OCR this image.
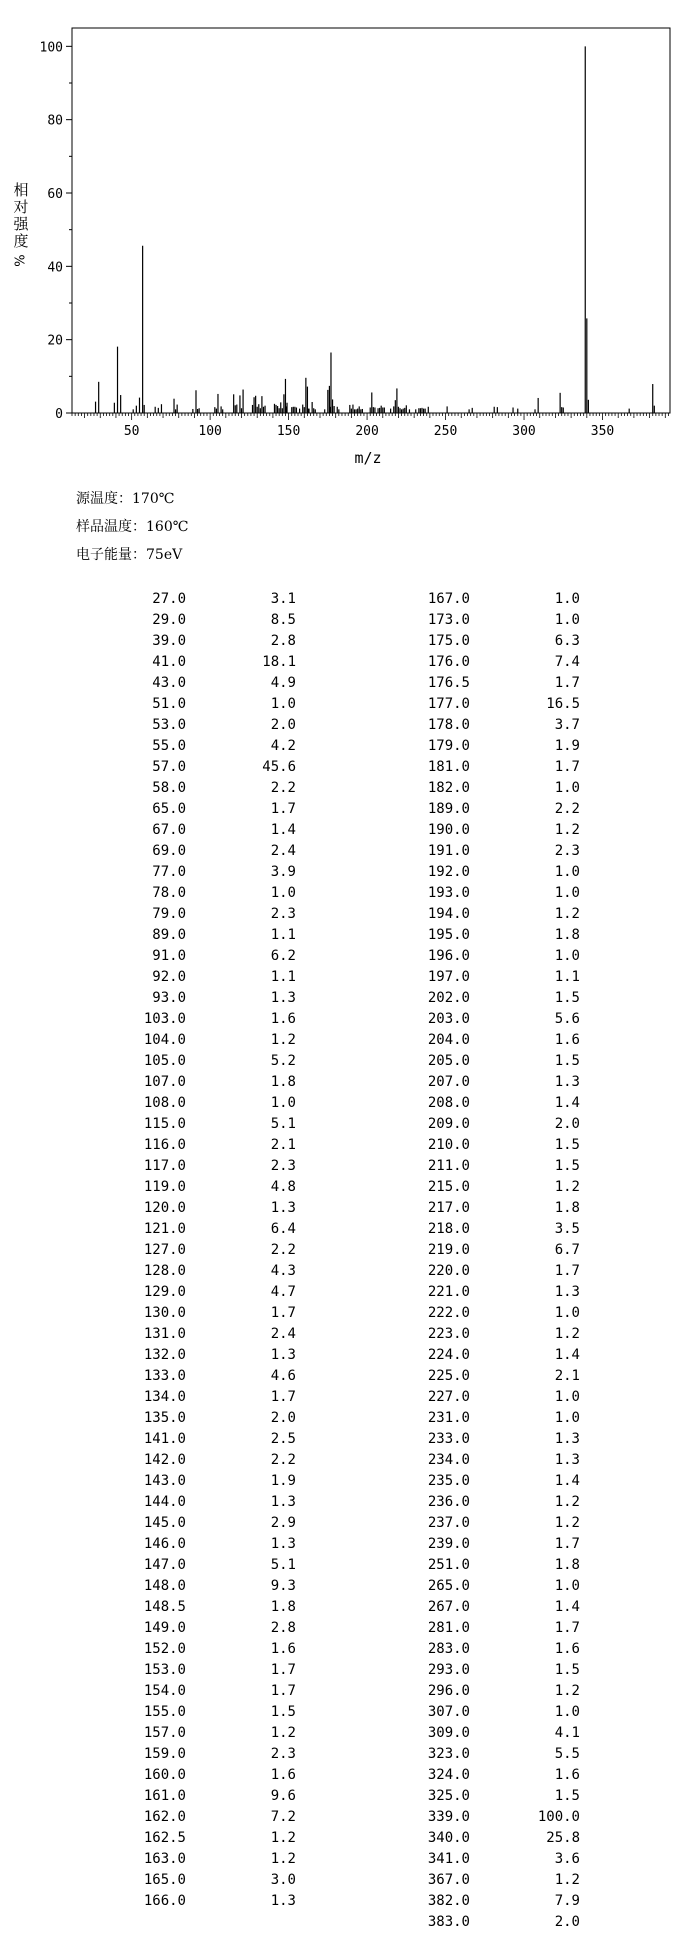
0
20
40
60
80
100
50	100	150	200	250	300	350
m/z
相
对
强
度
%
源温度：170℃
样品温度：160℃
电子能量：75eV
27.0	3.1
29.0	8.5
39.0	2.8
41.0	18.1
43.0	4.9
51.0	1.0
53.0	2.0
55.0	4.2
57.0	45.6
58.0	2.2
65.0	1.7
67.0	1.4
69.0	2.4
77.0	3.9
78.0	1.0
79.0	2.3
89.0	1.1
91.0	6.2
92.0	1.1
93.0	1.3
103.0	1.6
104.0	1.2
105.0	5.2
107.0	1.8
108.0	1.0
115.0	5.1
116.0	2.1
117.0	2.3
119.0	4.8
120.0	1.3
121.0	6.4
127.0	2.2
128.0	4.3
129.0	4.7
130.0	1.7
131.0	2.4
132.0	1.3
133.0	4.6
134.0	1.7
135.0	2.0
141.0	2.5
142.0	2.2
143.0	1.9
144.0	1.3
145.0	2.9
146.0	1.3
147.0	5.1
148.0	9.3
148.5	1.8
149.0	2.8
152.0	1.6
153.0	1.7
154.0	1.7
155.0	1.5
157.0	1.2
159.0	2.3
160.0	1.6
161.0	9.6
162.0	7.2
162.5	1.2
163.0	1.2
165.0	3.0
166.0	1.3
167.0	1.0
173.0	1.0
175.0	6.3
176.0	7.4
176.5	1.7
177.0	16.5
178.0	3.7
179.0	1.9
181.0	1.7
182.0	1.0
189.0	2.2
190.0	1.2
191.0	2.3
192.0	1.0
193.0	1.0
194.0	1.2
195.0	1.8
196.0	1.0
197.0	1.1
202.0	1.5
203.0	5.6
204.0	1.6
205.0	1.5
207.0	1.3
208.0	1.4
209.0	2.0
210.0	1.5
211.0	1.5
215.0	1.2
217.0	1.8
218.0	3.5
219.0	6.7
220.0	1.7
221.0	1.3
222.0	1.0
223.0	1.2
224.0	1.4
225.0	2.1
227.0	1.0
231.0	1.0
233.0	1.3
234.0	1.3
235.0	1.4
236.0	1.2
237.0	1.2
239.0	1.7
251.0	1.8
265.0	1.0
267.0	1.4
281.0	1.7
283.0	1.6
293.0	1.5
296.0	1.2
307.0	1.0
309.0	4.1
323.0	5.5
324.0	1.6
325.0	1.5
339.0	100.0
340.0	25.8
341.0	3.6
367.0	1.2
382.0	7.9
383.0	2.0
